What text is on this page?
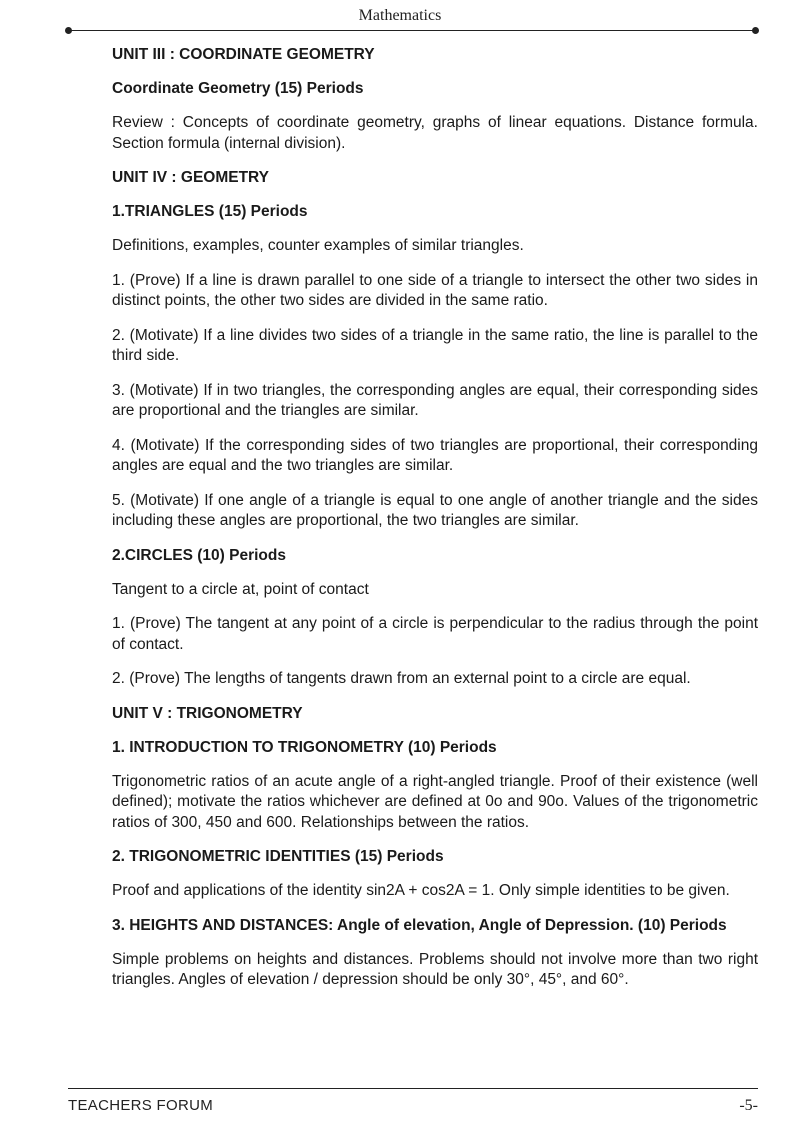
Mathematics
UNIT III : COORDINATE GEOMETRY
Coordinate Geometry (15) Periods
Review : Concepts of coordinate geometry, graphs of linear equations. Distance formula. Section formula (internal division).
UNIT IV : GEOMETRY
1.TRIANGLES (15) Periods
Definitions, examples, counter examples of similar triangles.
1. (Prove) If a line is drawn parallel to one side of a triangle to intersect the other two sides in distinct points, the other two sides are divided in the same ratio.
2. (Motivate) If a line divides two sides of a triangle in the same ratio, the line is parallel to the third side.
3. (Motivate) If in two triangles, the corresponding angles are equal, their corresponding sides are proportional and the triangles are similar.
4. (Motivate) If the corresponding sides of two triangles are proportional, their corresponding angles are equal and the two triangles are similar.
5. (Motivate) If one angle of a triangle is equal to one angle of another triangle and the sides including these angles are proportional, the two triangles are similar.
2.CIRCLES (10) Periods
Tangent to a circle at, point of contact
1. (Prove) The tangent at any point of a circle is perpendicular to the radius through the point of contact.
2. (Prove) The lengths of tangents drawn from an external point to a circle are equal.
UNIT V : TRIGONOMETRY
1. INTRODUCTION TO TRIGONOMETRY (10) Periods
Trigonometric ratios of an acute angle of a right-angled triangle. Proof of their existence (well defined); motivate the ratios whichever are defined at 0o and 90o. Values of the trigonometric ratios of 300, 450 and 600. Relationships between the ratios.
2. TRIGONOMETRIC IDENTITIES (15) Periods
Proof and applications of the identity sin2A + cos2A = 1. Only simple identities to be given.
3. HEIGHTS AND DISTANCES: Angle of elevation, Angle of Depression. (10) Periods
Simple problems on heights and distances. Problems should not involve more than two right triangles. Angles of elevation / depression should be only 30°, 45°, and 60°.
TEACHERS FORUM	-5-
